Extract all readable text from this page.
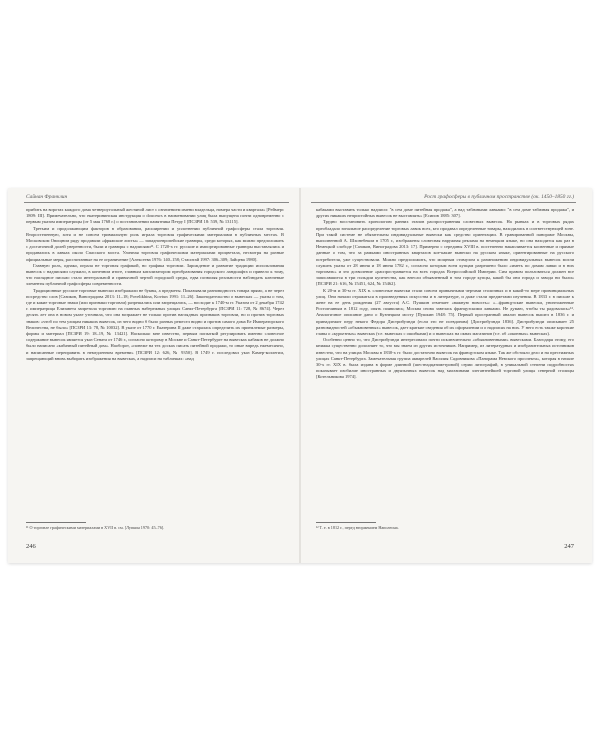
Сайнан Франклин

прибить на воротах каждого дома четвероугольный жестяной лист с означением имени владельца, номера части и квартала» [Реймерс 1809: III]. Примечательно, что екатерининская инструкция о douceurs в наименовании улиц была выпущена почти одновременно с первым указом императрицы (от 5 мая 1768 г.) о постановлении памятника Петру I [ПСЗРИ 18: 539, № 13115].

Третьим и продолжающим факторов в образовании, расширении и уплотнении публичной графосферы стала торговля. Второстепенную, хотя и не совсем тривиальную роль играла торговля графическими материалами в публичных местах. В Московском Овощном ряду продавали «фряжские листы» — западноевропейские гравюры, среди которых, как можно предположить с достаточной долей уверенности, были и гравюры с надписями¹¹. С 1720-х гг. русские и импортированные гравюры выставлялись и продавались в лавках около Спасского моста. Уличная торговля графическими материалами процветала, несмотря на разные официальные меры, рассчитанные на ее ограничение [Алексеева 1976: 140–158; Стаситай 1997: 306–309; Зайцева 1980].

Главную роль, однако, играла не торговля графикой, но графика торговли. Зарождение и развитие традиции использования вывесок с надписями служило, в конечном итоге, главным катализатором преобразования городского ландшафта и привело к тому, что наглядное письмо стало интегральной и привычной чертой городской среды, едва позволяя реальности наблюдать ключевые элементы публичной графосферы современности.

Традиционные русские торговые вывески изображали не буквы, а предметы. Показывали разновидность товара прямо, а не через посредство слов [Сазиков, Виноградова 2013: 11–18; Povelikhina, Kovtun 1991: 11–26]. Законодательство о вывесках — указы о том, где и какие торговые знаки (или признаки торговли) разрешались или запрещались, — восходят к 1740-м гг. Указом от 2 декабря 1742 г. императрица Елизавета запретила торговлю на главных набережных улицах Санкт-Петербурга [ПСЗРИ 11: 728, № 8674]. Через десять лет она в новом указе уточнила, что она возражает не только против наглядных признаков торговли, но и против торговых знаков: «чтоб по тем улицам никаких вывесок, из чего видно б было разных ремесел видно и против самого дома Ее Императорского Величества, не было» [ПСЗРИ 13: 78, № 10032]. В указе от 1770 г. Екатерина II даже старалась определить их приемлемые размеры, формы и материал [ПСЗРИ 19: 18–19, № 13421]. Насколько мне известно, первым попыткой регулировать именно словесное содержание вывесок является указ Сената от 1746 г., согласно которому в Москве и Санкт-Петербурге на вывесках кабаков не должно было написано «кабачный питейный дом». Наоборот, «понеже на тех досках писать питейной продажи, то оные впредь ежемесячно, и написанные переправить в немедленном времени» [ПСЗРИ 12: 626, № 9350]. В 1749 г. последовал указ Камер-коллегии, запрещающий вновь выбирать изображения на вывесках, а надписи на табличках: «над

¹¹ О торговле графическими материалами в XVII в. см. [Лупкин 1970: 45–76].
246
Рост графосферы в публичном пространстве (ок. 1450–1850 гг.)

кабаками выставить только надписи: "в сем доме питейная продажа", а над табачными лавками: "в сем доме табачная продажа", и других никаких непристойных вывесок не выставлять» [Есипов 1885: 307].

Трудно восстановить хронологию ранних этапов распространения словесных вывесок. На рынках и в торговых рядах преобладало зональное распределение торговых лавок всех, кто продавал определенные товары, находились в соответствующей зоне. При такой системе не обязательны индивидуальные вывески как средство ориентации. В гравированной панораме Москвы, выполненной А. Шхонебеком в 1705 г., изображены словесная наружная реклама на немецком языке, но она находится как раз в Немецкой слободе [Сазиков, Виноградова 2013: 17]. Примерно с середины XVIII в. постепенно накапливается косвенные и прямые данные о том, что за рамками иностранных кварталов кое-какие вывески на русском языке, ориентированные на русского потребителя, уже существовали. Можно предположить, что мощным стимулом к размножению индивидуальных вывесок могли служить указы от 28 июня и 18 июня 1782 г., согласно которым всем купцам разрешено было «иметь по домам лавки и в них торговать» и это дозволение «распространяется на всех городах Всероссийской Империи. Сим правом пользоваться должен все записавшиеся в три гильдии купечества, как внесли объявленный в том городе купцы, какой бы они города и завода ни были» [ПСЗРИ 21: 616, № 15451, 624, № 15462].

К 20-м и 30-м гг. XIX в. словесные вывески стали совсем привычными чертами столичных и в какой-то мере провинциальных улиц. Они начали отражаться в произведениях искусства и в литературе, и даже стали предметами изучения. В 1833 г. в письме к жене на ее день рождения (27 августа) А.С. Пушкин отмечает «важную новость»: «...французские вывески, уничтоженные Ростопчиным в 1812 году, опять появились; Москва снова завелась французскими лавками. Не думаю, чтобы ты радовалась»¹². Аналогичное описание дано о Кузнецком мосту [Пушкин 1948: 75]. Первый пространный анализ вывесок вышел в 1836 г. и принадлежит перу некого Федора Дистрибуэнди (если это не псевдоним) [Дистрибуэнди 1836]. Дистрибуэнди описывает 25 разновидностей «обыкновенных» вывесок, дает краткие сведения об их оформлении и о надписях на них. У него есть также короткие главы о «курьезных» вывесках (т.е. вывесках с ошибками) и о вывесках на окнах магазинов (т.е. об «оконных» вывесках).

Особенно ценно то, что Дистрибуэнди интересовали почти исключительно «обыкновенными» вывесками. Благодаря этому, его книжка существенно дополняет то, что мы знаем из других источников. Например, из литературных и изобразительных источников известно, что на улицах Москвы в 1830-х гг. было достаточно вывесок на французском языке. Так же обстояло дело и на престижных улицах Санкт-Петербурга. Замечательная группа акварелей Василия Садовникова «Панорама Невского проспекта», которая в начале 30-х гг. XIX в. была издана в форме длинной (шестнадцатиметровой) серии литографий, в уникальной степени подробностях показывает изобилие иностранных и двуязычных вывесок над магазинами элегантнейшей торговой улицы северной столицы [Котельникова 1974].

¹² Т. е. в 1812 г., перед вторжением Наполеона.
247
